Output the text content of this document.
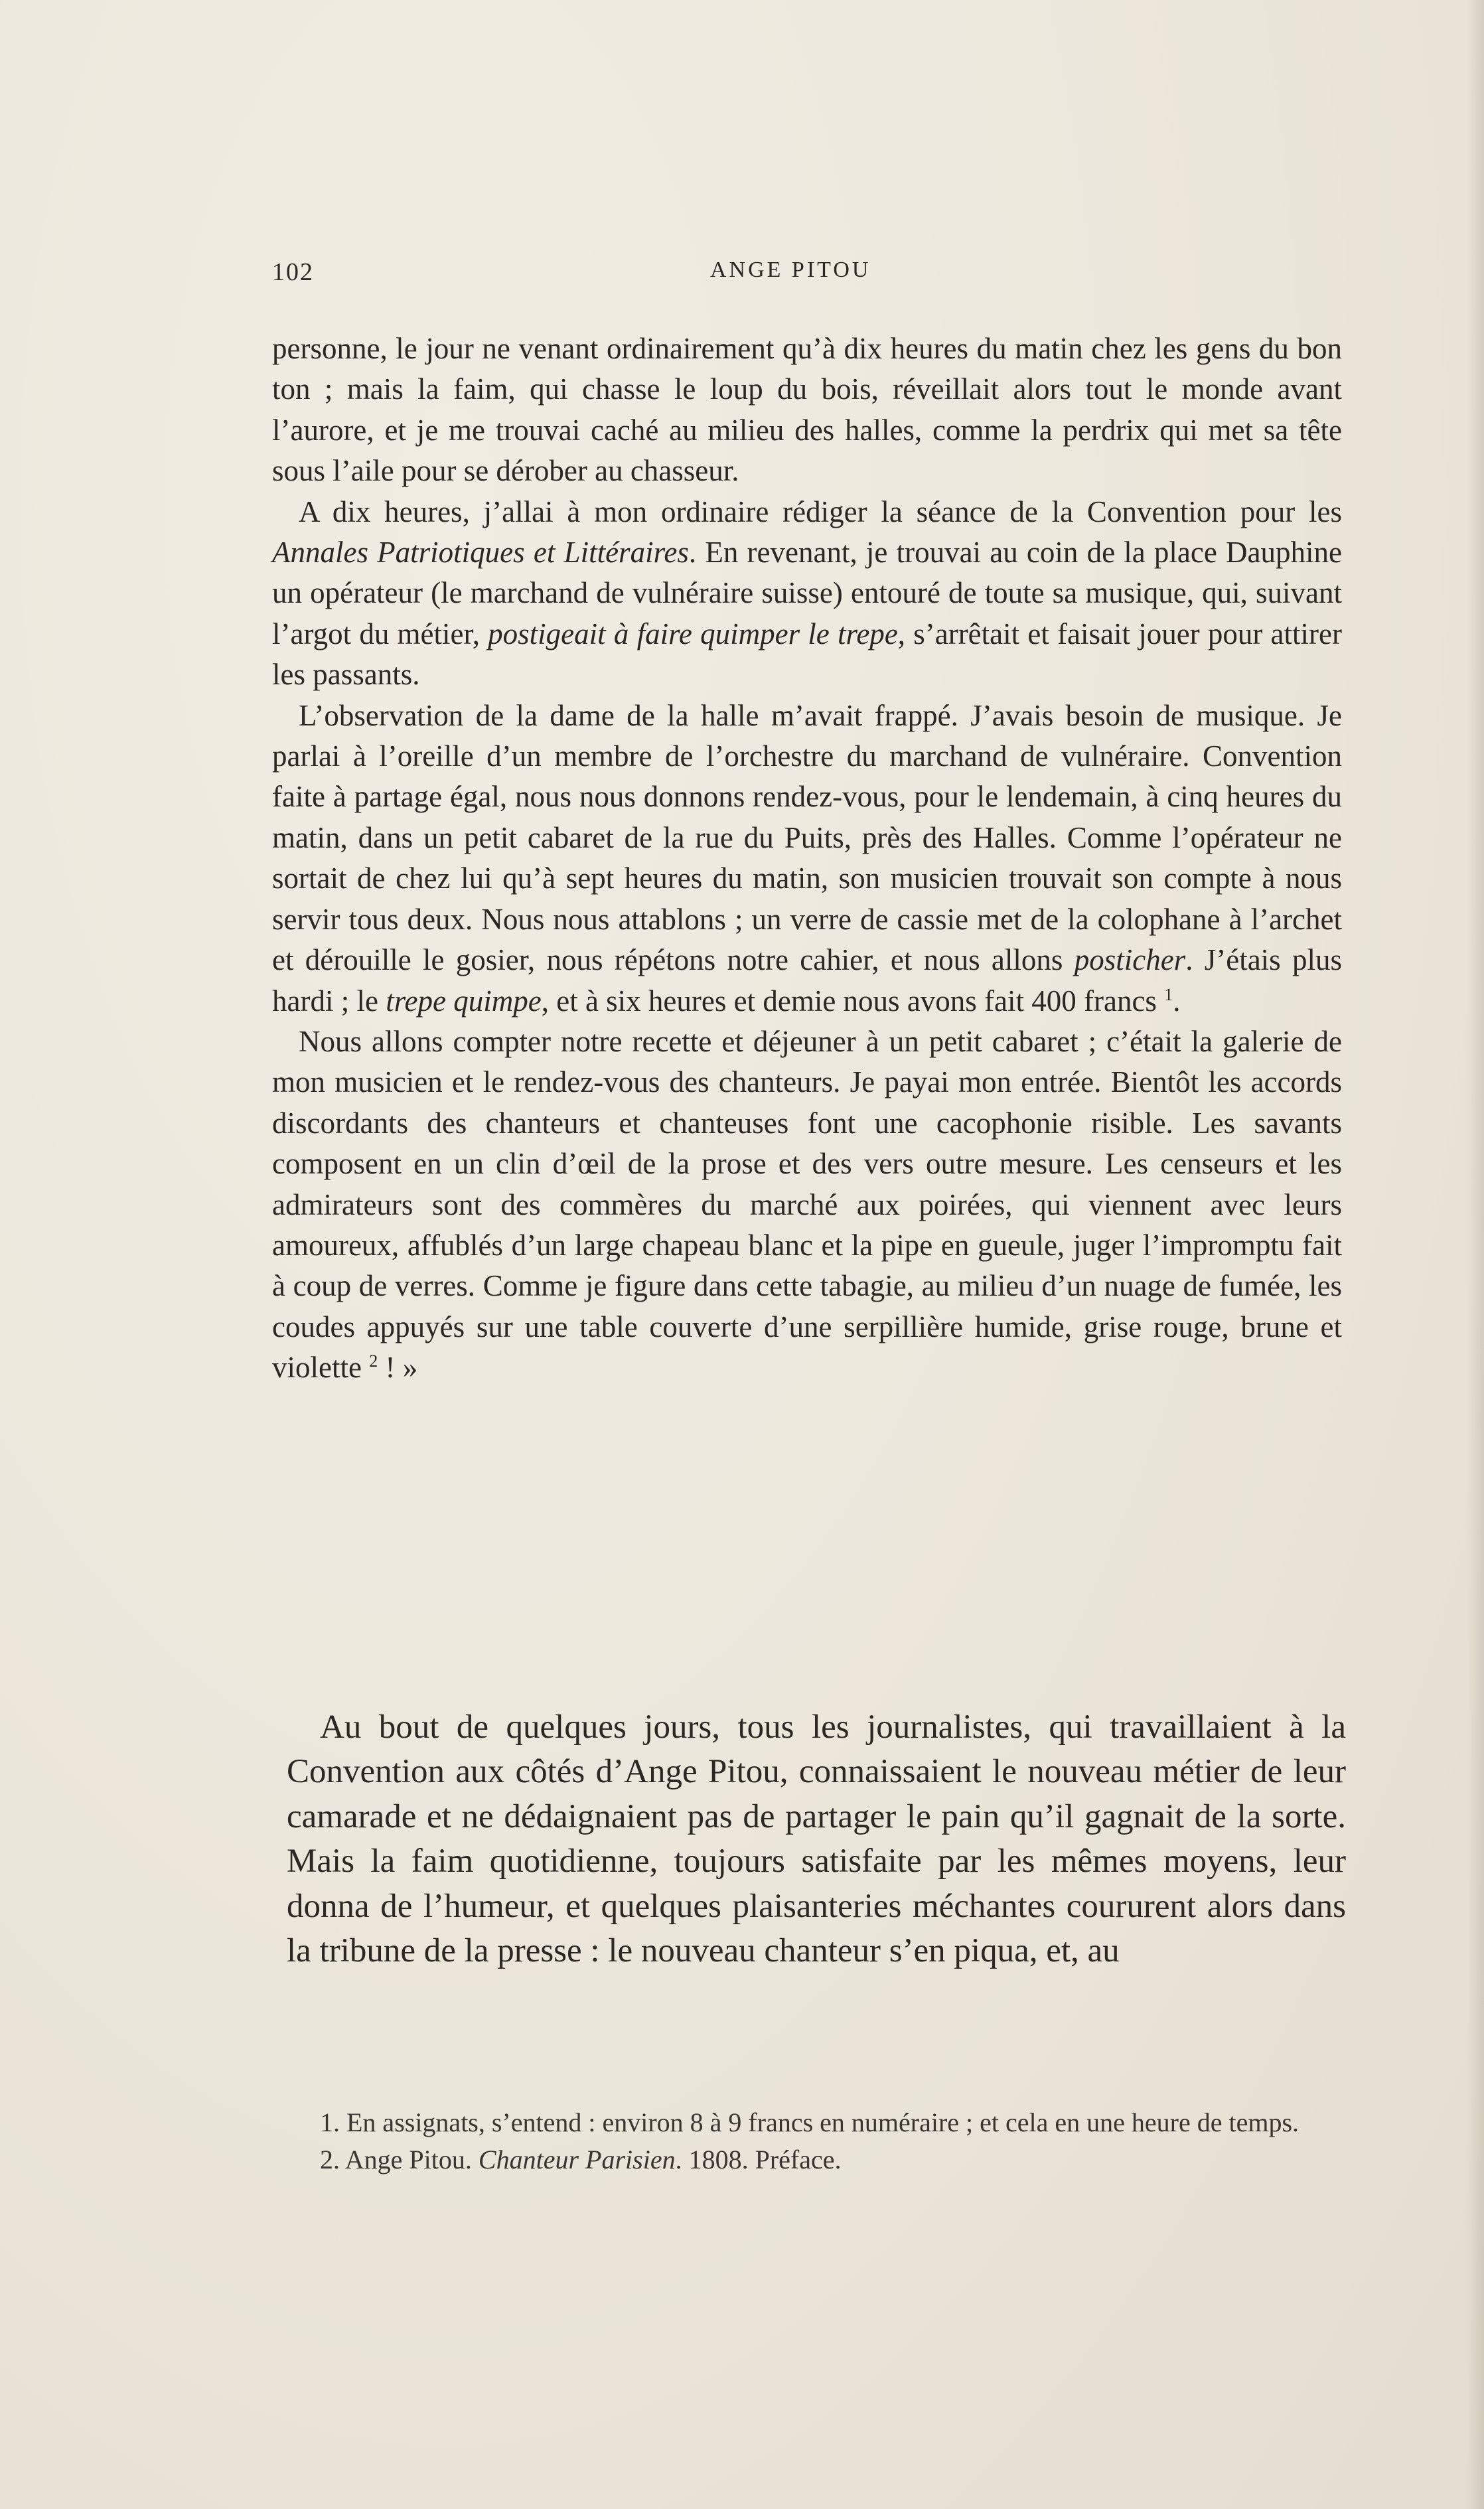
102	ANGE PITOU

personne, le jour ne venant ordinairement qu’à dix heures du matin chez les gens du bon ton ; mais la faim, qui chasse le loup du bois, réveillait alors tout le monde avant l’aurore, et je me trouvai caché au milieu des halles, comme la perdrix qui met sa tête sous l’aile pour se dérober au chasseur.

A dix heures, j’allai à mon ordinaire rédiger la séance de la Convention pour les Annales Patriotiques et Littéraires. En revenant, je trouvai au coin de la place Dauphine un opérateur (le marchand de vulnéraire suisse) entouré de toute sa musique, qui, suivant l’argot du métier, postigeait à faire quimper le trepe, s’arrêtait et faisait jouer pour attirer les passants.

L’observation de la dame de la halle m’avait frappé. J’avais besoin de musique. Je parlai à l’oreille d’un membre de l’orchestre du marchand de vulnéraire. Convention faite à partage égal, nous nous donnons rendez-vous, pour le lendemain, à cinq heures du matin, dans un petit cabaret de la rue du Puits, près des Halles. Comme l’opérateur ne sortait de chez lui qu’à sept heures du matin, son musicien trouvait son compte à nous servir tous deux. Nous nous attablons ; un verre de cassie met de la colophane à l’archet et dérouille le gosier, nous répétons notre cahier, et nous allons posticher. J’étais plus hardi ; le trepe quimpe, et à six heures et demie nous avons fait 400 francs $^1$.

Nous allons compter notre recette et déjeuner à un petit cabaret ; c’était la galerie de mon musicien et le rendez-vous des chanteurs. Je payai mon entrée. Bientôt les accords discordants des chanteurs et chanteuses font une cacophonie risible. Les savants composent en un clin d’œil de la prose et des vers outre mesure. Les censeurs et les admirateurs sont des commères du marché aux poirées, qui viennent avec leurs amoureux, affublés d’un large chapeau blanc et la pipe en gueule, juger l’impromptu fait à coup de verres. Comme je figure dans cette tabagie, au milieu d’un nuage de fumée, les coudes appuyés sur une table couverte d’une serpillière humide, grise rouge, brune et violette $^2$ ! »

Au bout de quelques jours, tous les journalistes, qui travaillaient à la Convention aux côtés d’Ange Pitou, connaissaient le nouveau métier de leur camarade et ne dédaignaient pas de partager le pain qu’il gagnait de la sorte. Mais la faim quotidienne, toujours satisfaite par les mêmes moyens, leur donna de l’humeur, et quelques plaisanteries méchantes coururent alors dans la tribune de la presse : le nouveau chanteur s’en piqua, et, au

1. En assignats, s’entend : environ 8 à 9 francs en numéraire ; et cela en une heure de temps.

2. Ange Pitou. Chanteur Parisien. 1808. Préface.
